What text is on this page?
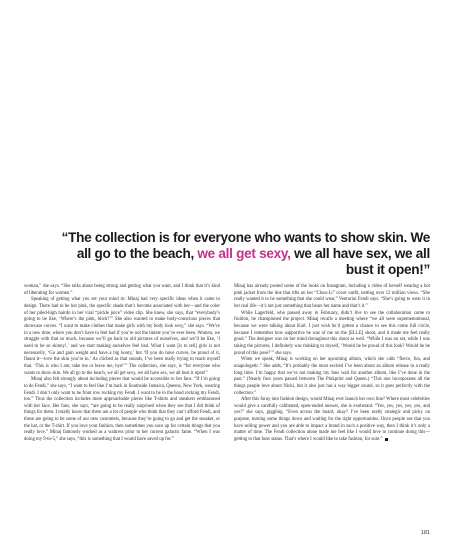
“The collection is for everyone who wants to show skin. We all go to the beach, we all get sexy, we all have sex, we all bust it open!”

woman,” she says. “She talks about being strong and getting what you want, and I think that it’s kind of liberating for women.”

Speaking of getting what you set your mind to: Minaj had very specific ideas when it came to design. There had to be hot pink, the specific shade that’s become associated with her—and the color of her piled-high hairdo in her viral “pickle juice” video clip. She knew, she says, that “everybody’s going to be like, ‘Where’s the pink, bitch?’” She also wanted to make body-conscious pieces that showcase curves. “I want to make clothes that make girls with my body look sexy,” she says. “We’re in a new time, where you don’t have to feel bad if you’re not the tiniest you’ve ever been. Women, we struggle with that so much, because we’ll go back to old pictures of ourselves, and we’ll be like, ‘I used to be so skinny!,’ and we start making ourselves feel bad. What I want [is to tell] girls is not necessarily, ‘Go and gain weight and have a big booty,’ but ‘If you do have curves, be proud of it, flaunt it—love the skin you’re in.’ As cliched as that sounds, I’ve been really trying to teach myself that. ‘This is who I am; take me or leave me, bye!’” The collection, she says, is “for everyone who wants to show skin. We all go to the beach, we all get sexy, we all have sex, we all bust it open!”

Minaj also felt strongly about including pieces that would be accessible to her fans. “If I’m going to do Fendi,” she says, “I want to feel like I’m back in Southside Jamaica, Queens, New York, wearing Fendi. I don’t only want to be front row rocking my Fendi. I want to be in the hood rocking my Fendi, too.” Thus the collection includes more approachable pieces like T-shirts and sneakers emblazoned with her face. Her fans, she says, “are going to be really surprised when they see that I did think of things for them. I totally know that there are a lot of people who think that they can’t afford Fendi, and those are going to be some of our new customers, because they’re going to go and get the sneaker, or the hat, or the T-shirt. If you love your fashion, then sometimes you save up for certain things that you really love.” Minaj famously worked as a waitress prior to her current galactic fame. “When I was doing my 9-to-5,” she says, “this is something that I would have saved up for.”

Minaj has already posted some of the looks on Instagram, including a video of herself wearing a hot pink jacket from the line that rifts on her “Chun-Li” cover outfit, netting over 12 million views. “She really wanted it to be something that she could wear,” Venturini Fendi says. “She’s going to wear it in her real life—it’s not just something that bears her name and that’s it.”

While Lagerfeld, who passed away in February, didn’t live to see the collaboration come to fruition, he championed the project. Minaj recalls a meeting where “we all were supernemotional, because we were talking about Karl. I just wish he’d gotten a chance to see this come full circle, because I remember how supportive he was of me on the [ELLE] shoot, and it made me feel really good.” The designer was on her mind throughout this shoot as well. “While I was on set, while I was taking the pictures, I definitely was thinking to myself, ‘Would he be proud of this look? Would he be proud of this pose?’” she says.

When we speak, Minaj is working on her upcoming album, which she calls “fierce, fun, and unapologetic.” She adds, “It’s probably the most excited I’ve been about an album release in a really long time. I’m happy that we’re not making my fans wait for another album, like I’ve done in the past.” (Nearly four years passed between The Pinkprint and Queen.) “This one incorporates all the things people love about Nicki, but it also just has a way bigger sound, so it goes perfectly with the collection.”

After this foray into fashion design, would Minaj ever launch her own line? Where most celebrities would give a carefully calibrated, open-ended answer, she is exuberant. “Yes, yes, yes, yes, yes, and yes!” she says, giggling. “Even across the board, okay? I’ve been really strategic and picky on purpose, turning some things down and waiting for the right opportunities. Once people see that you have selling power and you are able to impact a brand in such a positive way, then I think it’s only a matter of time. The Fendi collection alone made me feel like I would love to continue doing this—getting to that boss status. That’s where I would like to take fashion, for sure.”

181
